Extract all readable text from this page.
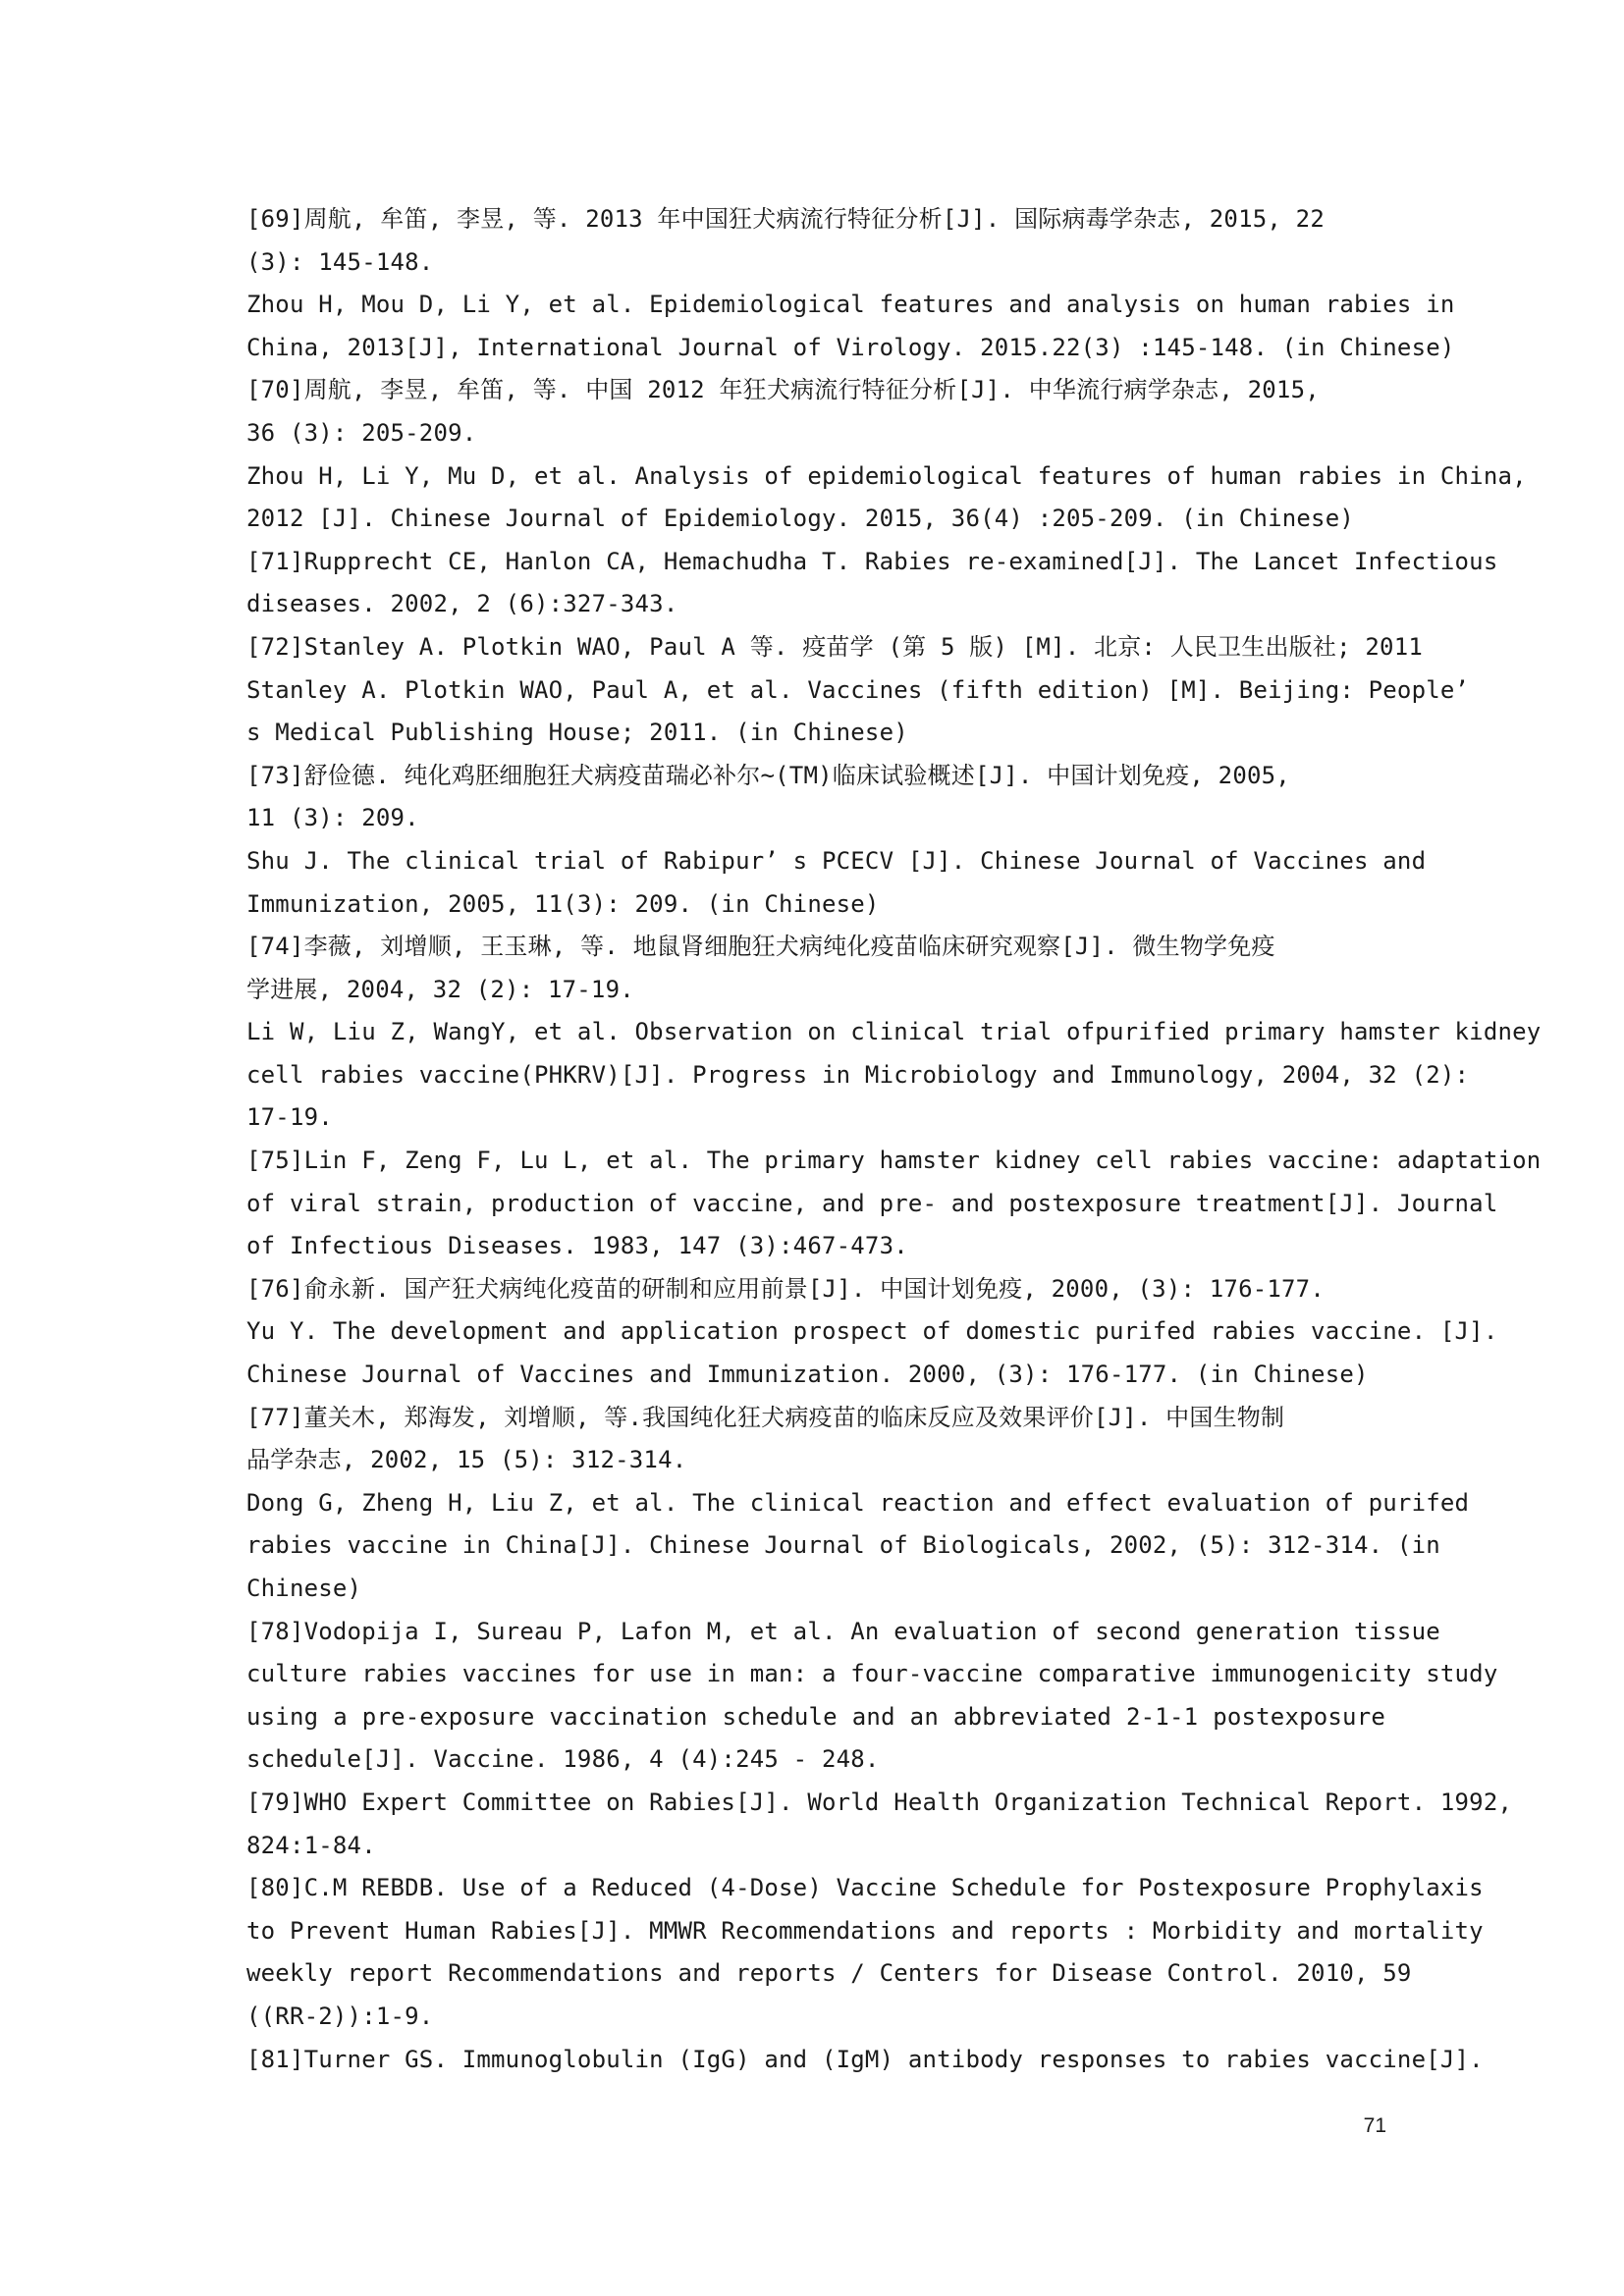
[69]周航, 牟笛, 李昱, 等. 2013 年中国狂犬病流行特征分析[J]. 国际病毒学杂志, 2015, 22
(3): 145-148.
Zhou H, Mou D, Li Y, et al. Epidemiological features and analysis on human rabies in
China, 2013[J], International Journal of Virology. 2015.22(3) :145-148. (in Chinese)
[70]周航, 李昱, 牟笛, 等. 中国 2012 年狂犬病流行特征分析[J]. 中华流行病学杂志, 2015,
36 (3): 205-209.
Zhou H, Li Y, Mu D, et al. Analysis of epidemiological features of human rabies in China,
2012 [J]. Chinese Journal of Epidemiology. 2015, 36(4) :205-209. (in Chinese)
[71]Rupprecht CE, Hanlon CA, Hemachudha T. Rabies re-examined[J]. The Lancet Infectious
diseases. 2002, 2 (6):327-343.
[72]Stanley A. Plotkin WAO, Paul A 等. 疫苗学 (第 5 版) [M]. 北京: 人民卫生出版社; 2011
Stanley A. Plotkin WAO, Paul A, et al. Vaccines (fifth edition) [M]. Beijing: People’
s Medical Publishing House; 2011. (in Chinese)
[73]舒俭德. 纯化鸡胚细胞狂犬病疫苗瑞必补尔~(TM)临床试验概述[J]. 中国计划免疫, 2005,
11 (3): 209.
Shu J. The clinical trial of Rabipur’ s PCECV [J]. Chinese Journal of Vaccines and
Immunization, 2005, 11(3): 209. (in Chinese)
[74]李薇, 刘增顺, 王玉琳, 等. 地鼠肾细胞狂犬病纯化疫苗临床研究观察[J]. 微生物学免疫
学进展, 2004, 32 (2): 17-19.
Li W, Liu Z, WangY, et al. Observation on clinical trial ofpurified primary hamster kidney
cell rabies vaccine(PHKRV)[J]. Progress in Microbiology and Immunology, 2004, 32 (2):
17-19.
[75]Lin F, Zeng F, Lu L, et al. The primary hamster kidney cell rabies vaccine: adaptation
of viral strain, production of vaccine, and pre- and postexposure treatment[J]. Journal
of Infectious Diseases. 1983, 147 (3):467-473.
[76]俞永新. 国产狂犬病纯化疫苗的研制和应用前景[J]. 中国计划免疫, 2000, (3): 176-177.
Yu Y. The development and application prospect of domestic purifed rabies vaccine. [J].
Chinese Journal of Vaccines and Immunization. 2000, (3): 176-177. (in Chinese)
[77]董关木, 郑海发, 刘增顺, 等.我国纯化狂犬病疫苗的临床反应及效果评价[J]. 中国生物制
品学杂志, 2002, 15 (5): 312-314.
Dong G, Zheng H, Liu Z, et al. The clinical reaction and effect evaluation of purifed
rabies vaccine in China[J]. Chinese Journal of Biologicals, 2002, (5): 312-314. (in
Chinese)
[78]Vodopija I, Sureau P, Lafon M, et al. An evaluation of second generation tissue
culture rabies vaccines for use in man: a four-vaccine comparative immunogenicity study
using a pre-exposure vaccination schedule and an abbreviated 2-1-1 postexposure
schedule[J]. Vaccine. 1986, 4 (4):245 - 248.
[79]WHO Expert Committee on Rabies[J]. World Health Organization Technical Report. 1992,
824:1-84.
[80]C.M REBDB. Use of a Reduced (4-Dose) Vaccine Schedule for Postexposure Prophylaxis
to Prevent Human Rabies[J]. MMWR Recommendations and reports : Morbidity and mortality
weekly report Recommendations and reports / Centers for Disease Control. 2010, 59
((RR-2)):1-9.
[81]Turner GS. Immunoglobulin (IgG) and (IgM) antibody responses to rabies vaccine[J].
71
